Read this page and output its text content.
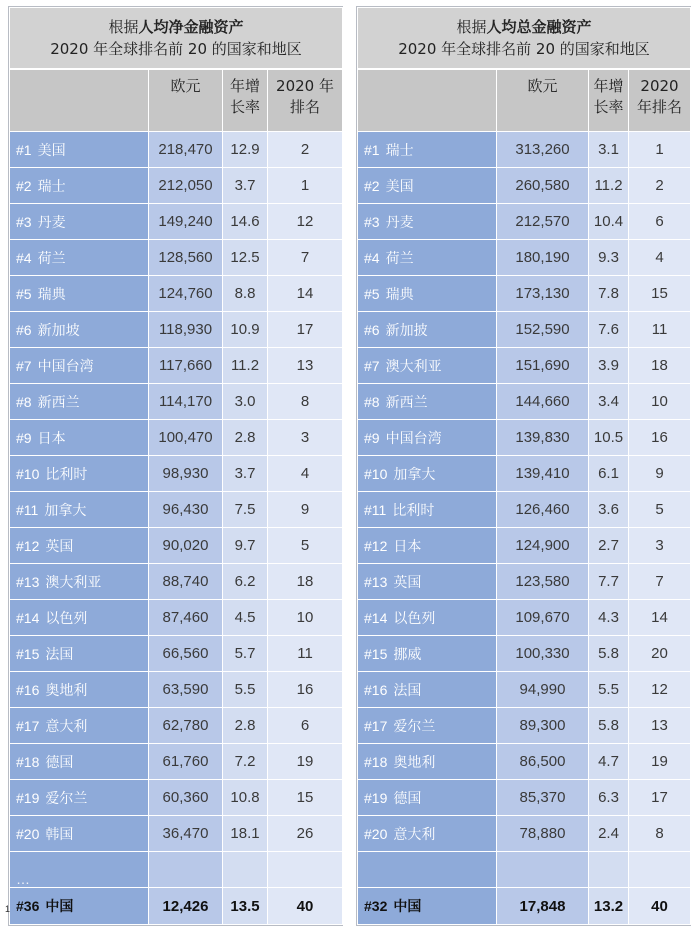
根据人均净金融资产
2020 年全球排名前 20 的国家和地区			
	欧元	年增
长率	2020 年
排名
#1 美国	218,470	12.9	2
#2 瑞士	212,050	3.7	1
#3 丹麦	149,240	14.6	12
#4 荷兰	128,560	12.5	7
#5 瑞典	124,760	8.8	14
#6 新加坡	118,930	10.9	17
#7 中国台湾	117,660	11.2	13
#8 新西兰	114,170	3.0	8
#9 日本	100,470	2.8	3
#10 比利时	98,930	3.7	4
#11 加拿大	96,430	7.5	9
#12 英国	90,020	9.7	5
#13 澳大利亚	88,740	6.2	18
#14 以色列	87,460	4.5	10
#15 法国	66,560	5.7	11
#16 奥地利	63,590	5.5	16
#17 意大利	62,780	2.8	6
#18 德国	61,760	7.2	19
#19 爱尔兰	60,360	10.8	15
#20 韩国	36,470	18.1	26
…			
#36 中国	12,426	13.5	40
根据人均总金融资产
2020 年全球排名前 20 的国家和地区			
	欧元	年增
长率	2020
年排名
#1 瑞士	313,260	3.1	1
#2 美国	260,580	11.2	2
#3 丹麦	212,570	10.4	6
#4 荷兰	180,190	9.3	4
#5 瑞典	173,130	7.8	15
#6 新加披	152,590	7.6	11
#7 澳大利亚	151,690	3.9	18
#8 新西兰	144,660	3.4	10
#9 中国台湾	139,830	10.5	16
#10 加拿大	139,410	6.1	9
#11 比利时	126,460	3.6	5
#12 日本	124,900	2.7	3
#13 英国	123,580	7.7	7
#14 以色列	109,670	4.3	14
#15 挪威	100,330	5.8	20
#16 法国	94,990	5.5	12
#17 爱尔兰	89,300	5.8	13
#18 奥地利	86,500	4.7	19
#19 德国	85,370	6.3	17
#20 意大利	78,880	2.4	8

#32 中国	17,848	13.2	40
1
